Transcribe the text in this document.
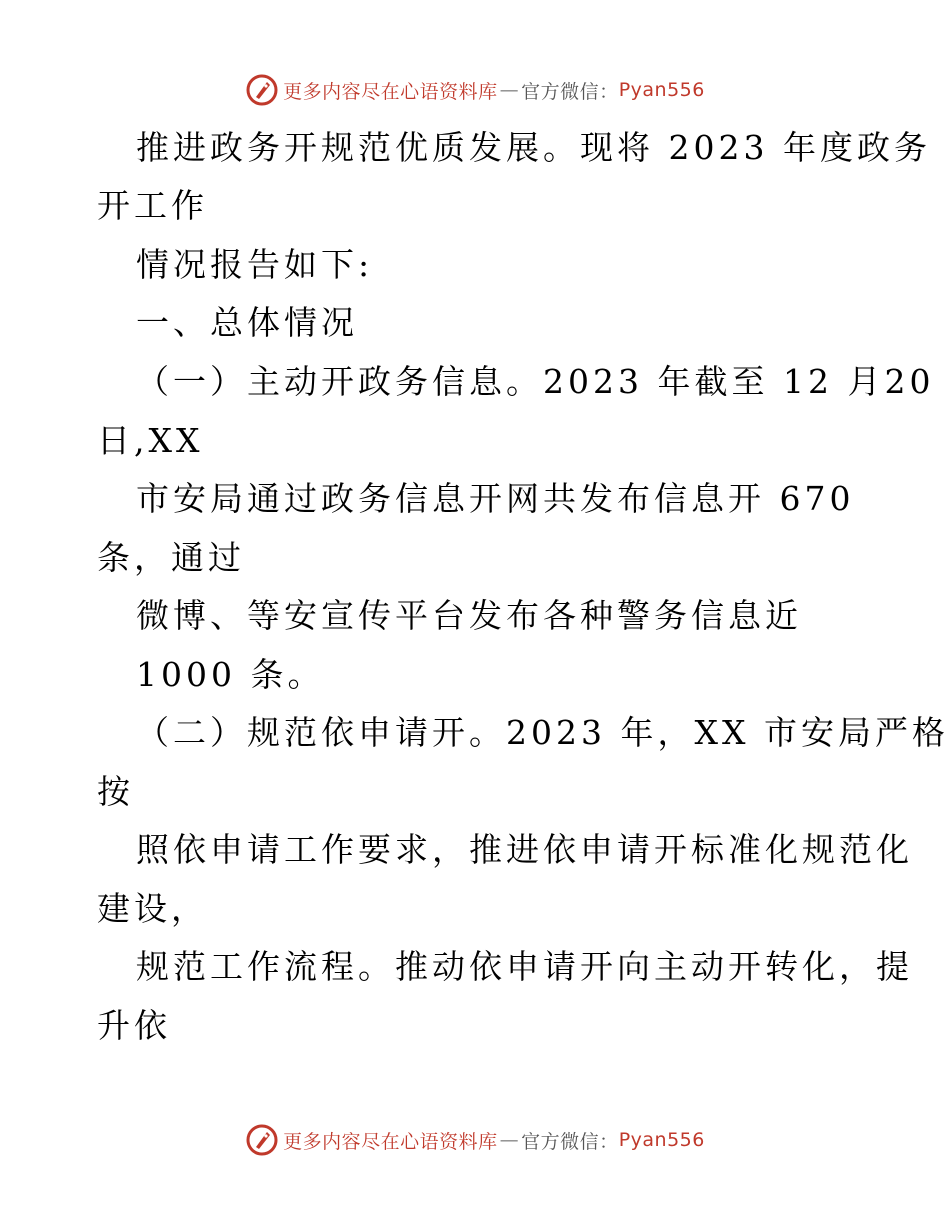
更多内容尽在心语资料库 — 官方微信： Pyan556
推进政务开规范优质发展。现将 2023 年度政务
开工作
情况报告如下:
一、总体情况
（一）主动开政务信息。2023 年截至 12 月20
日,XX
市安局通过政务信息开网共发布信息开 670
条，通过
微博、等安宣传平台发布各种警务信息近
1000 条。
（二）规范依申请开。2023 年，XX 市安局严格
按
照依申请工作要求，推进依申请开标准化规范化
建设，
规范工作流程。推动依申请开向主动开转化，提
升依
更多内容尽在心语资料库 — 官方微信： Pyan556
